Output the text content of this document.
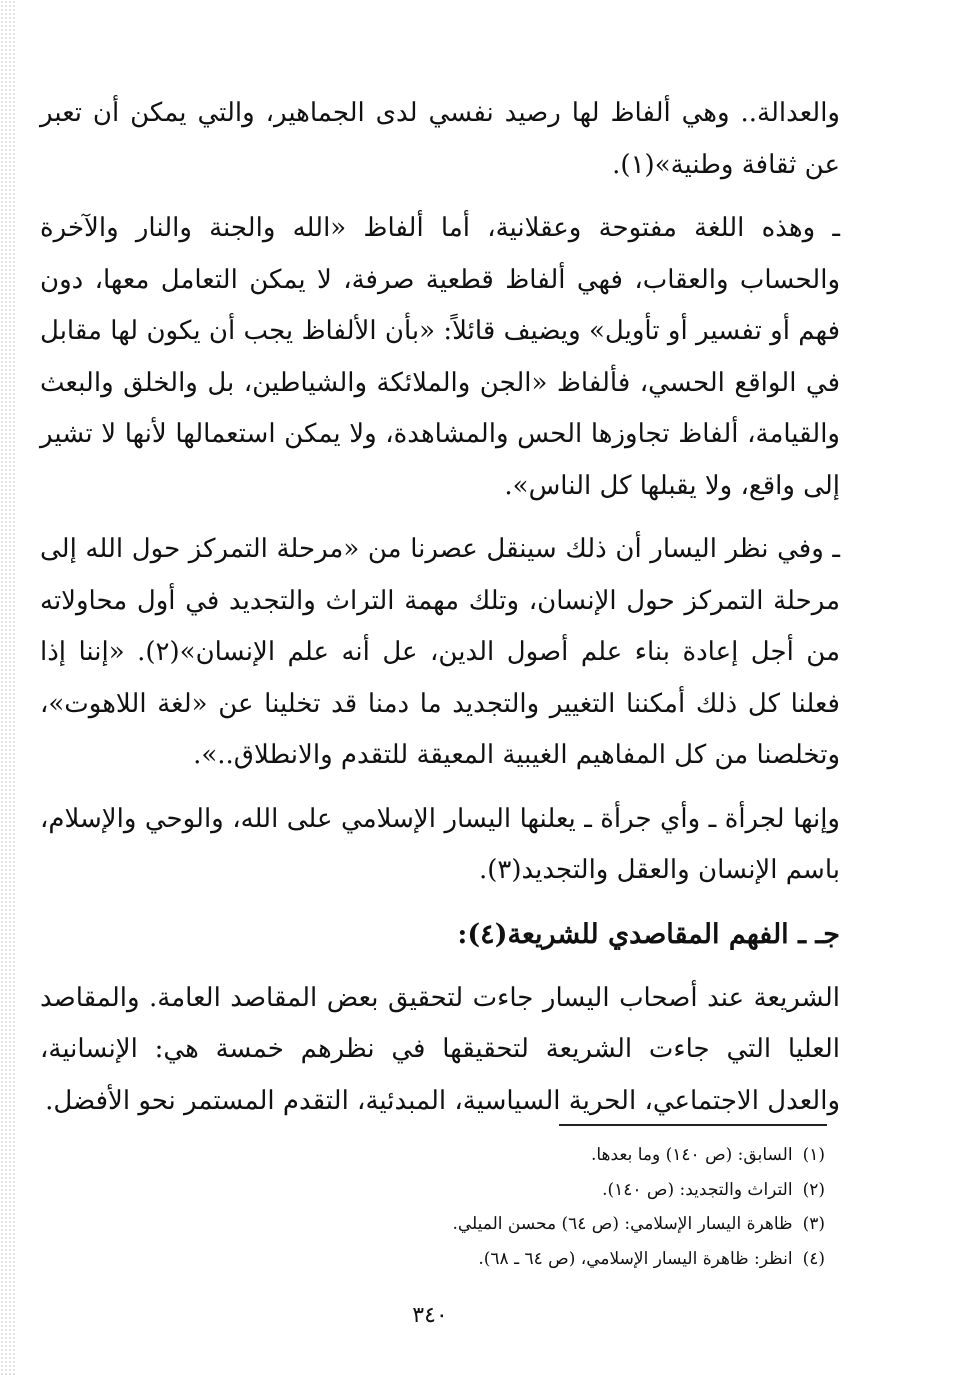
والعدالة.. وهي ألفاظ لها رصيد نفسي لدى الجماهير، والتي يمكن أن تعبر عن ثقافة وطنية»(١).

ـ وهذه اللغة مفتوحة وعقلانية، أما ألفاظ «الله والجنة والنار والآخرة والحساب والعقاب، فهي ألفاظ قطعية صرفة، لا يمكن التعامل معها، دون فهم أو تفسير أو تأويل» ويضيف قائلاً: «بأن الألفاظ يجب أن يكون لها مقابل في الواقع الحسي، فألفاظ «الجن والملائكة والشياطين، بل والخلق والبعث والقيامة، ألفاظ تجاوزها الحس والمشاهدة، ولا يمكن استعمالها لأنها لا تشير إلى واقع، ولا يقبلها كل الناس».

ـ وفي نظر اليسار أن ذلك سينقل عصرنا من «مرحلة التمركز حول الله إلى مرحلة التمركز حول الإنسان، وتلك مهمة التراث والتجديد في أول محاولاته من أجل إعادة بناء علم أصول الدين، عل أنه علم الإنسان»(٢). «إننا إذا فعلنا كل ذلك أمكننا التغيير والتجديد ما دمنا قد تخلينا عن «لغة اللاهوت»، وتخلصنا من كل المفاهيم الغيبية المعيقة للتقدم والانطلاق..».

وإنها لجرأة ـ وأي جرأة ـ يعلنها اليسار الإسلامي على الله، والوحي والإسلام، باسم الإنسان والعقل والتجديد(٣).

جـ ـ الفهم المقاصدي للشريعة(٤):

الشريعة عند أصحاب اليسار جاءت لتحقيق بعض المقاصد العامة. والمقاصد العليا التي جاءت الشريعة لتحقيقها في نظرهم خمسة هي: الإنسانية، والعدل الاجتماعي، الحرية السياسية، المبدئية، التقدم المستمر نحو الأفضل.

(١)السابق: (ص ١٤٠) وما بعدها.
(٢)التراث والتجديد: (ص ١٤٠).
(٣)ظاهرة اليسار الإسلامي: (ص ٦٤) محسن الميلي.
(٤)انظر: ظاهرة اليسار الإسلامي، (ص ٦٤ ـ ٦٨).
٣٤٠
